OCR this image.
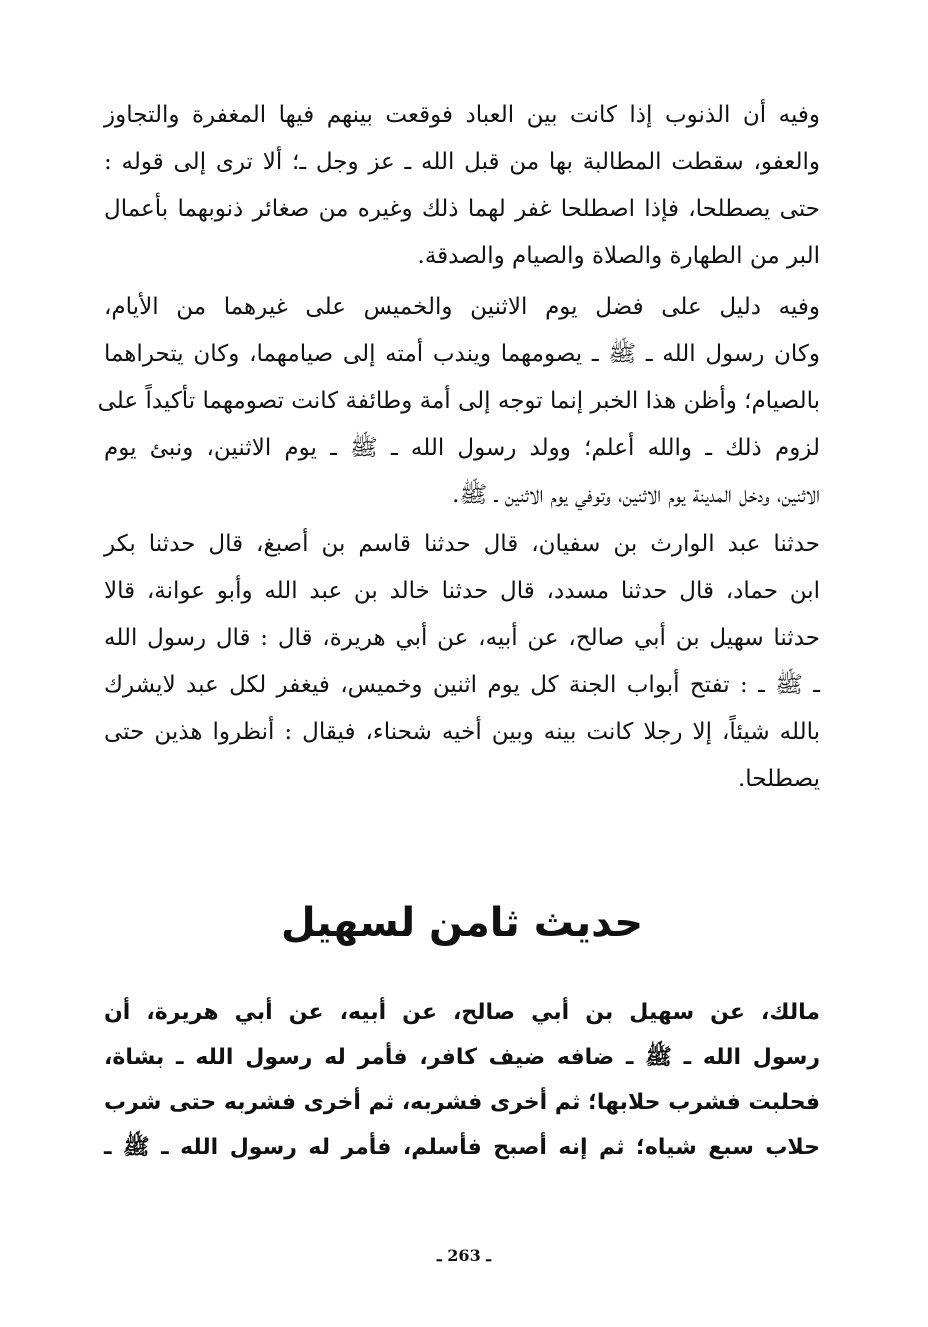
وفيه أن الذنوب إذا كانت بين العباد فوقعت بينهم فيها المغفرة والتجاوز
والعفو، سقطت المطالبة بها من قبل الله ـ عز وجل ـ؛ ألا ترى إلى قوله :
حتى يصطلحا، فإذا اصطلحا غفر لهما ذلك وغيره من صغائر ذنوبهما بأعمال
البر من الطهارة والصلاة والصيام والصدقة.

وفيه دليل على فضل يوم الاثنين والخميس على غيرهما من الأيام،
وكان رسول الله ـ ﷺ ـ يصومهما ويندب أمته إلى صيامهما، وكان يتحراهما
بالصيام؛ وأظن هذا الخبر إنما توجه إلى أمة وطائفة كانت تصومهما تأكيداً على
لزوم ذلك ـ والله أعلم؛ وولد رسول الله ـ ﷺ ـ يوم الاثنين، ونبئ يوم
الاثنين، ودخل المدينة يوم الاثنين، وتوفي يوم الاثنين ـ ﷺ.

حدثنا عبد الوارث بن سفيان، قال حدثنا قاسم بن أصبغ، قال حدثنا بكر
ابن حماد، قال حدثنا مسدد، قال حدثنا خالد بن عبد الله وأبو عوانة، قالا
حدثنا سهيل بن أبي صالح، عن أبيه، عن أبي هريرة، قال : قال رسول الله
ـ ﷺ ـ : تفتح أبواب الجنة كل يوم اثنين وخميس، فيغفر لكل عبد لايشرك
بالله شيئاً، إلا رجلا كانت بينه وبين أخيه شحناء، فيقال : أنظروا هذين حتى
يصطلحا.

حديث ثامن لسهيل
مالك، عن سهيل بن أبي صالح، عن أبيه، عن أبي هريرة، أن
رسول الله ـ ﷺ ـ ضافه ضيف كافر، فأمر له رسول الله ـ بشاة،
فحلبت فشرب حلابها؛ ثم أخرى فشربه، ثم أخرى فشربه حتى شرب
حلاب سبع شياه؛ ثم إنه أصبح فأسلم، فأمر له رسول الله ـ ﷺ ـ
ـ 263 ـ
